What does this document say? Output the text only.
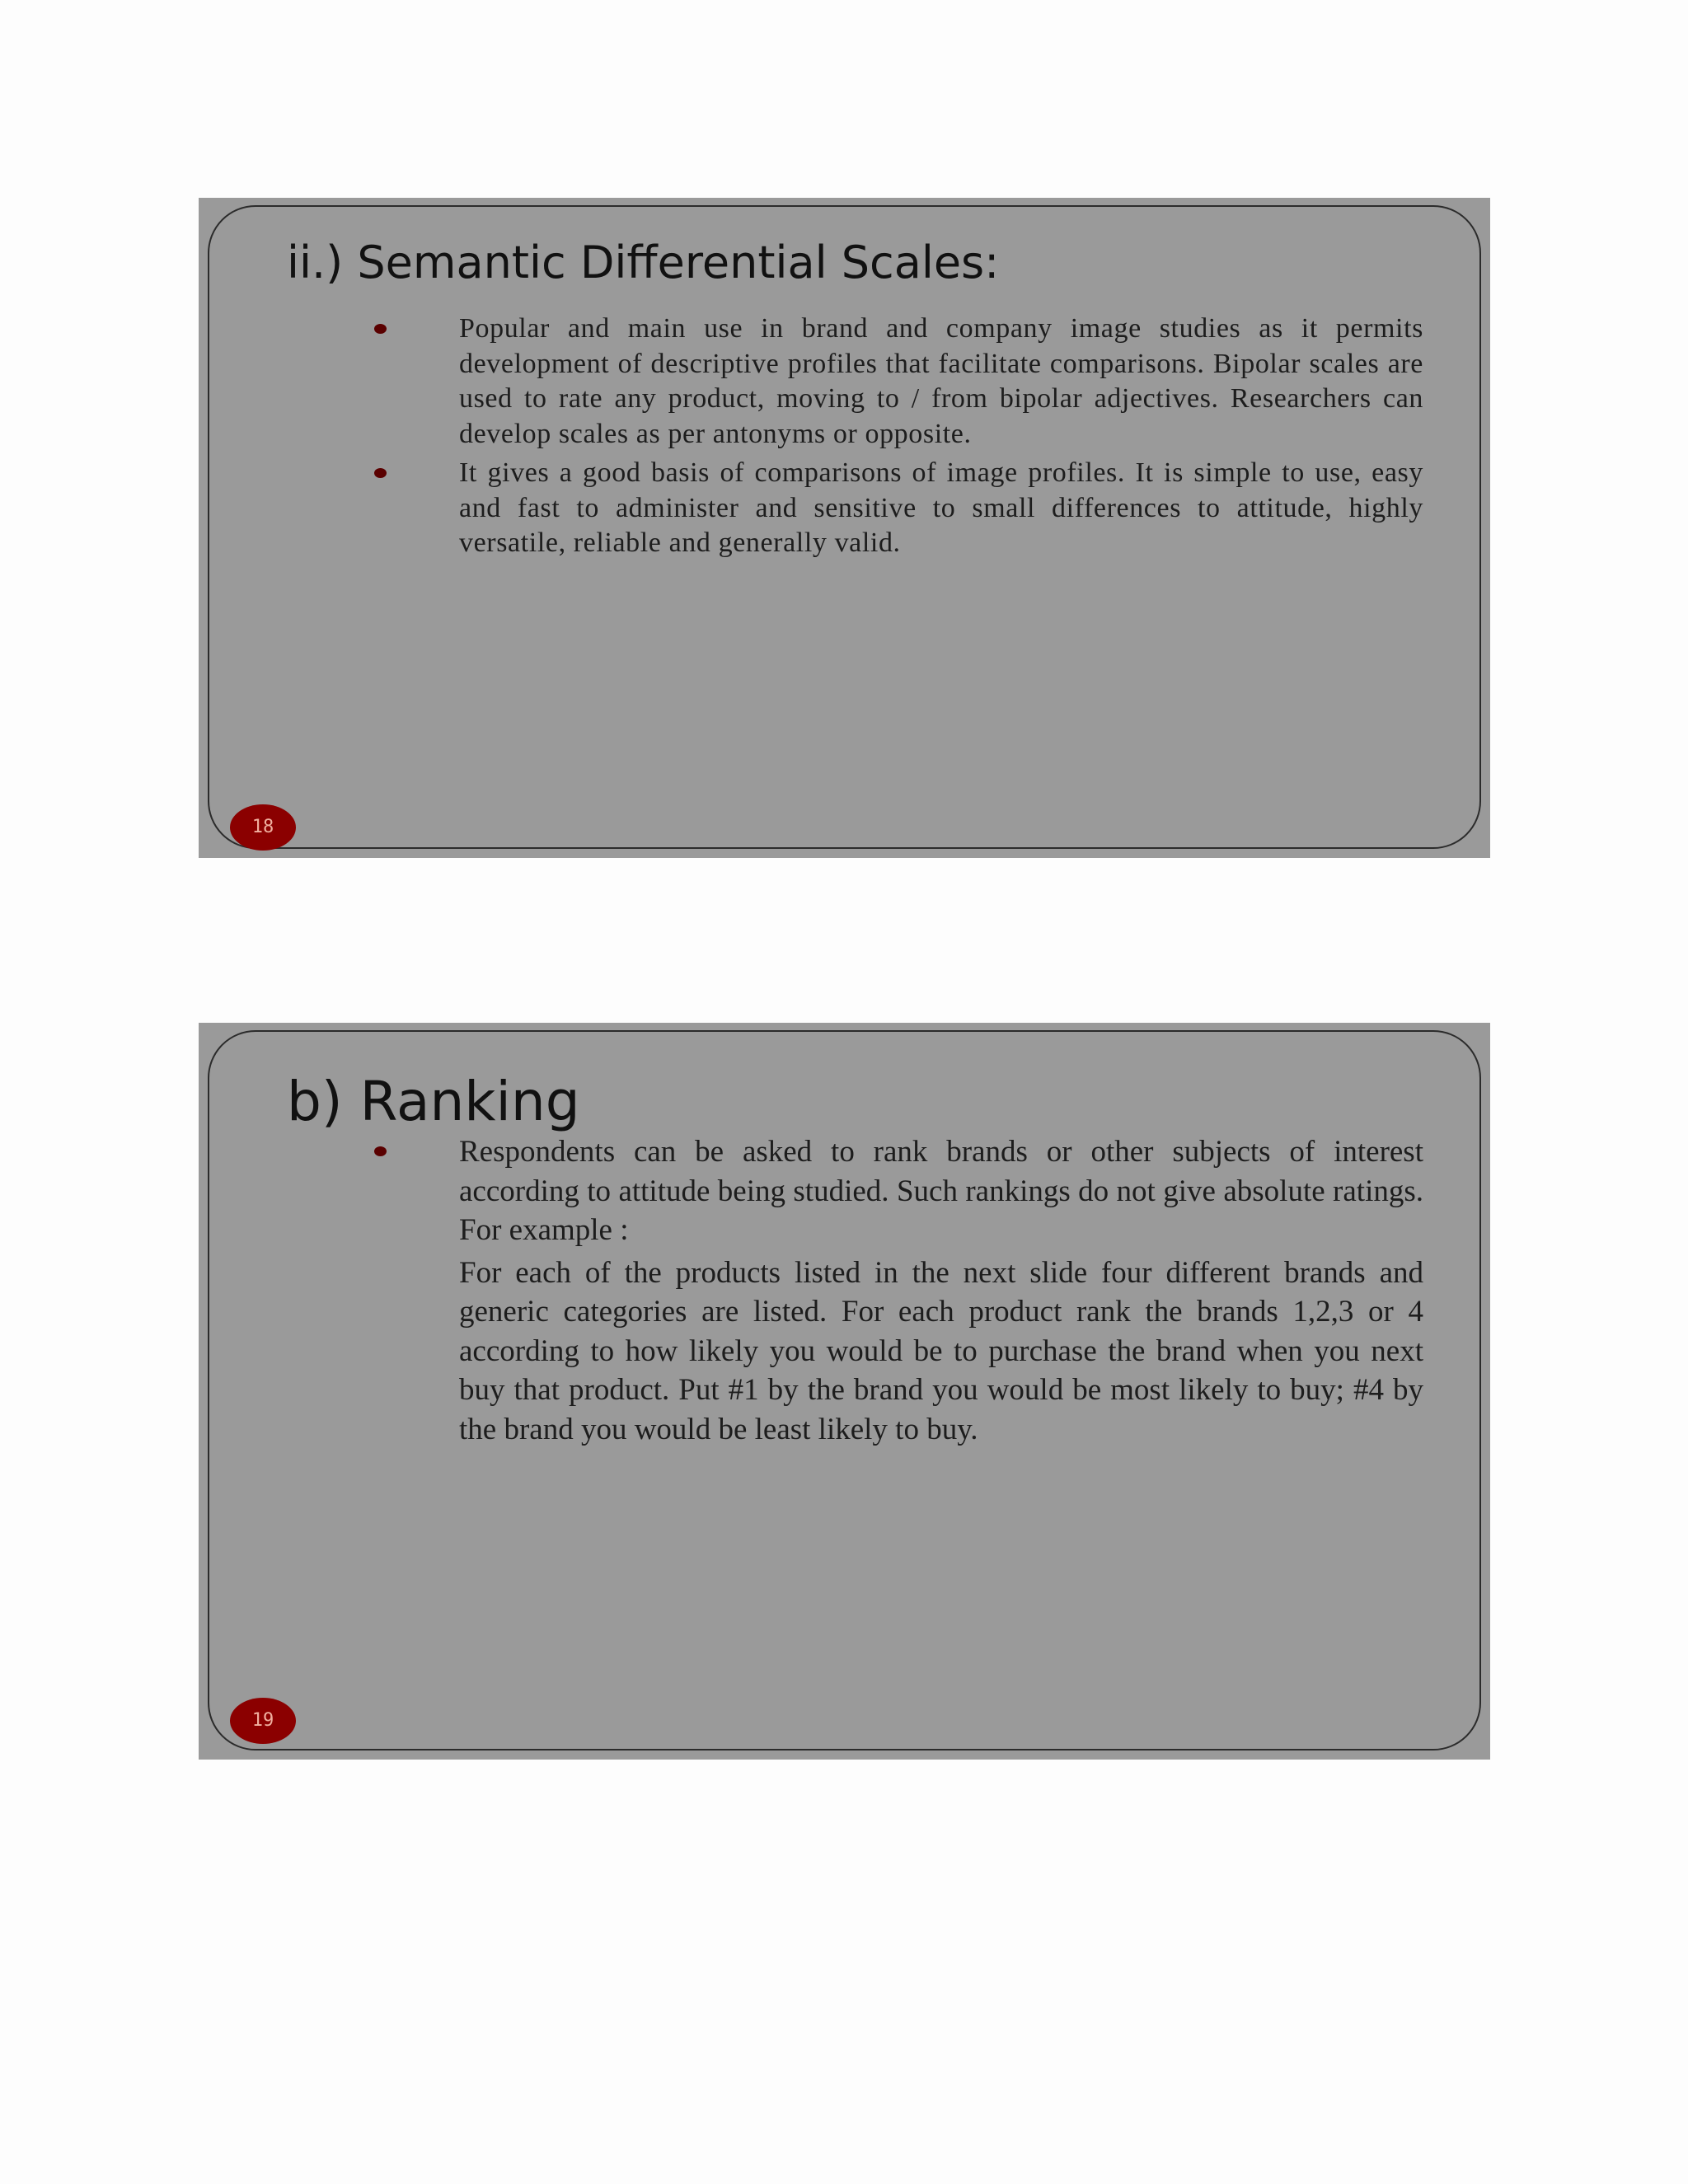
ii.) Semantic Differential Scales:
Popular and main use in brand and company image studies as it permits development of descriptive profiles that facilitate comparisons. Bipolar scales are used to rate any product, moving to / from bipolar adjectives. Researchers can develop scales as per antonyms or opposite.
It gives a good basis of comparisons of image profiles. It is simple to use, easy and fast to administer and sensitive to small differences to attitude, highly versatile, reliable and generally valid.
18
b) Ranking
Respondents can be asked to rank brands or other subjects of interest according to attitude being studied. Such rankings do not give absolute ratings. For example :
For each of the products listed in the next slide four different brands and generic categories are listed. For each product rank the brands 1,2,3 or 4 according to how likely you would be to purchase the brand when you next buy that product. Put #1 by the brand you would be most likely to buy; #4 by the brand you would be least likely to buy.
19
